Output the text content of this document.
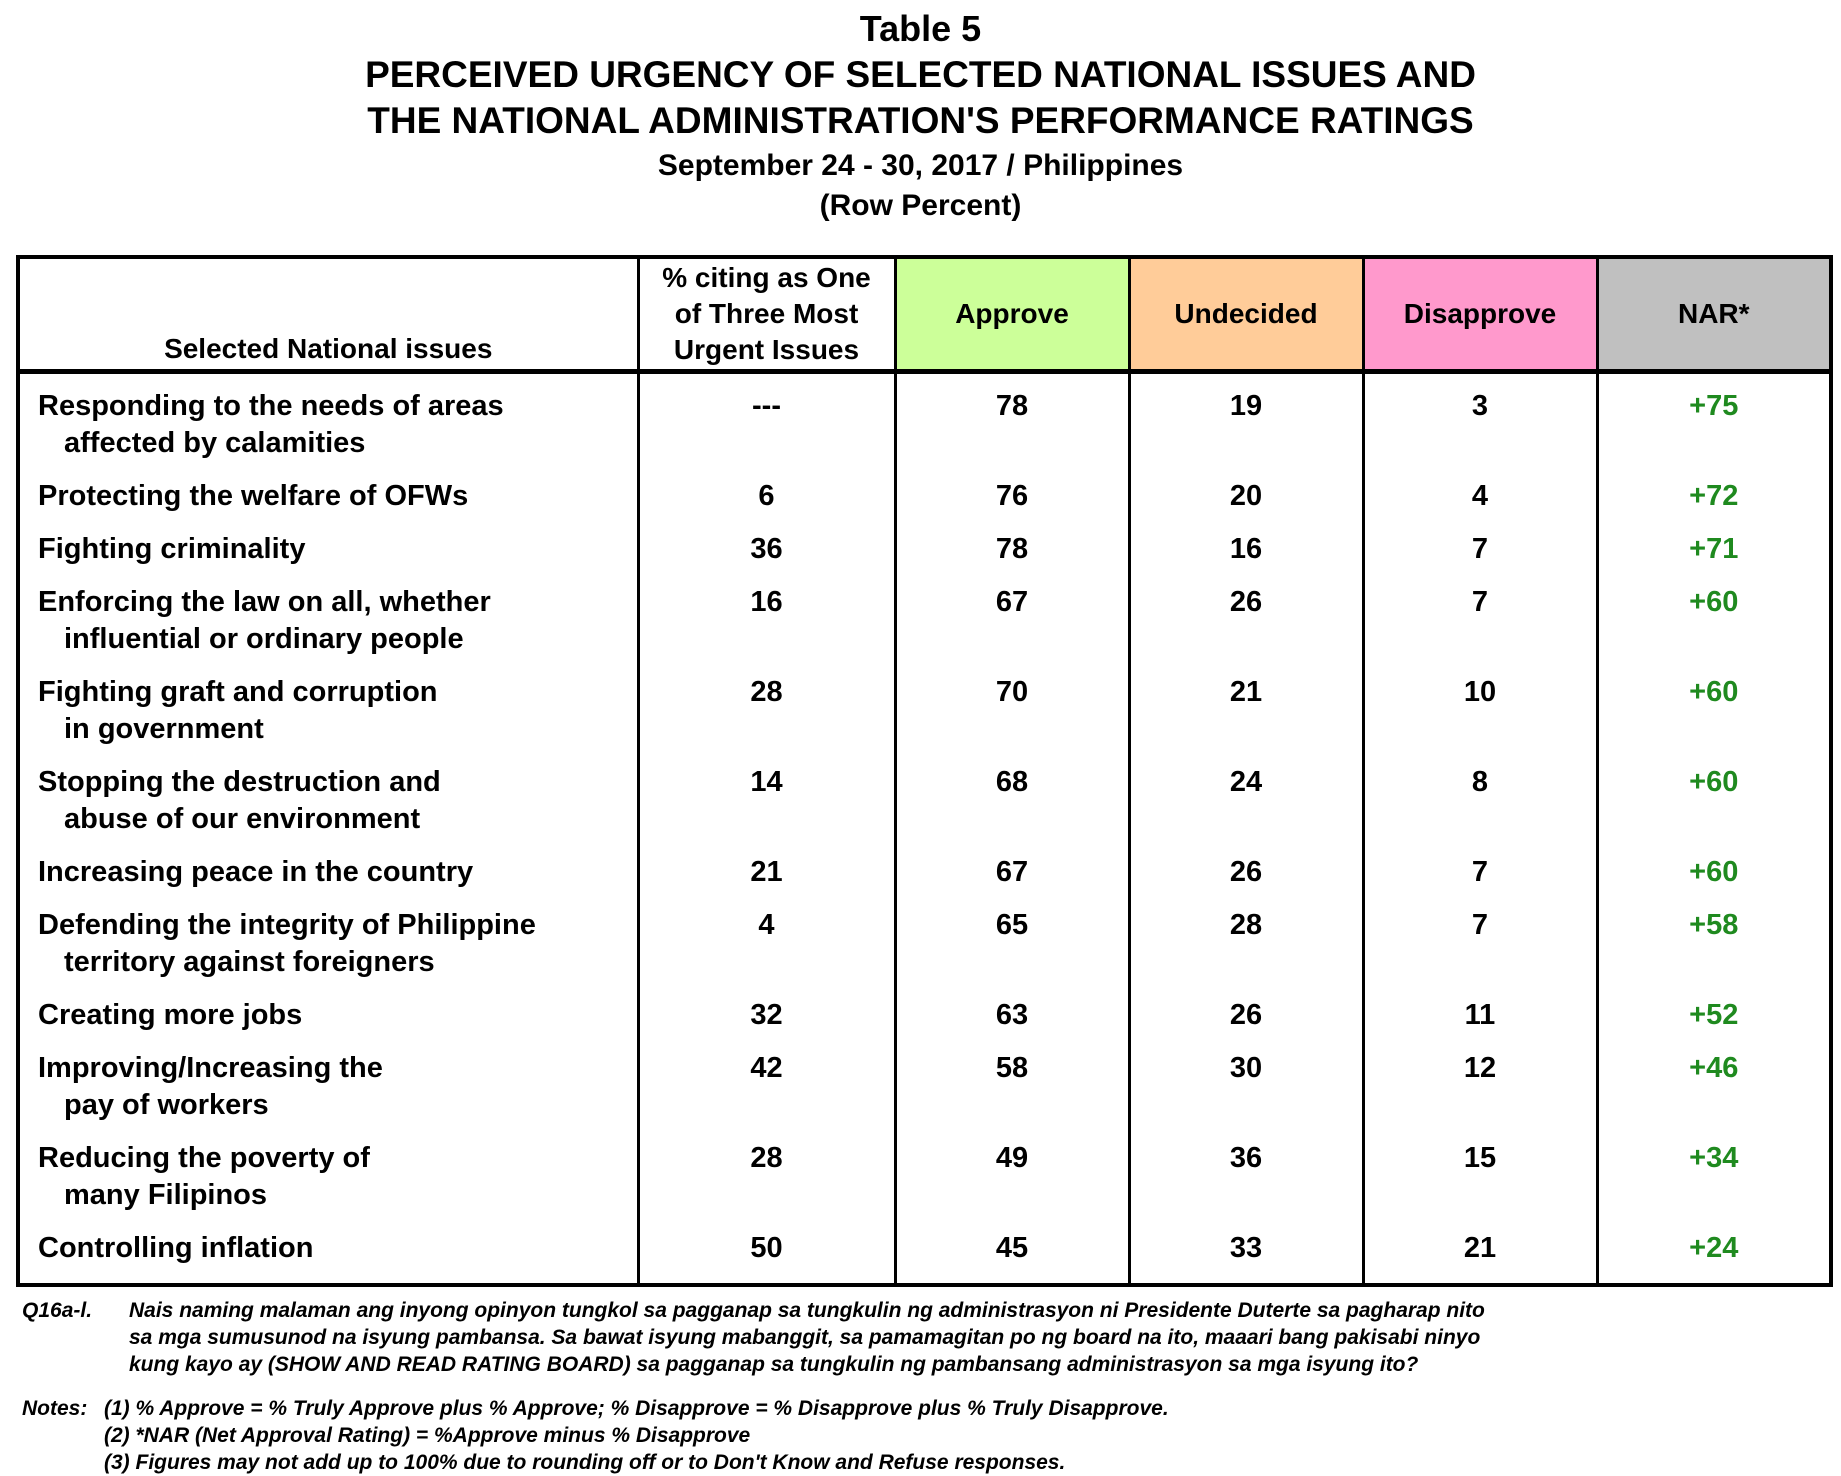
Table 5
PERCEIVED URGENCY OF SELECTED NATIONAL ISSUES AND
THE NATIONAL ADMINISTRATION'S PERFORMANCE RATINGS
September 24 - 30, 2017 / Philippines
(Row Percent)
Selected National issues	% citing as One of Three Most Urgent Issues	Approve	Undecided	Disapprove	NAR*
Responding to the needs of areas
affected by calamities	---	78	19	3	+75
Protecting the welfare of OFWs	6	76	20	4	+72
Fighting criminality	36	78	16	7	+71
Enforcing the law on all, whether
influential or ordinary people	16	67	26	7	+60
Fighting graft and corruption
in government	28	70	21	10	+60
Stopping the destruction and
abuse of our environment	14	68	24	8	+60
Increasing peace in the country	21	67	26	7	+60
Defending the integrity of Philippine
territory against foreigners	4	65	28	7	+58
Creating more jobs	32	63	26	11	+52
Improving/Increasing the
pay of workers	42	58	30	12	+46
Reducing the poverty of
many Filipinos	28	49	36	15	+34
Controlling inflation	50	45	33	21	+24
Q16a-l. Nais naming malaman ang inyong opinyon tungkol sa pagganap sa tungkulin ng administrasyon ni Presidente Duterte sa pagharap nito
sa mga sumusunod na isyung pambansa. Sa bawat isyung mabanggit, sa pamamagitan po ng board na ito, maaari bang pakisabi ninyo
kung kayo ay (SHOW AND READ RATING BOARD) sa pagganap sa tungkulin ng pambansang administrasyon sa mga isyung ito?
Notes: (1) % Approve = % Truly Approve plus % Approve; % Disapprove = % Disapprove plus % Truly Disapprove.
(2) *NAR (Net Approval Rating) = %Approve minus % Disapprove
(3) Figures may not add up to 100% due to rounding off or to Don't Know and Refuse responses.
